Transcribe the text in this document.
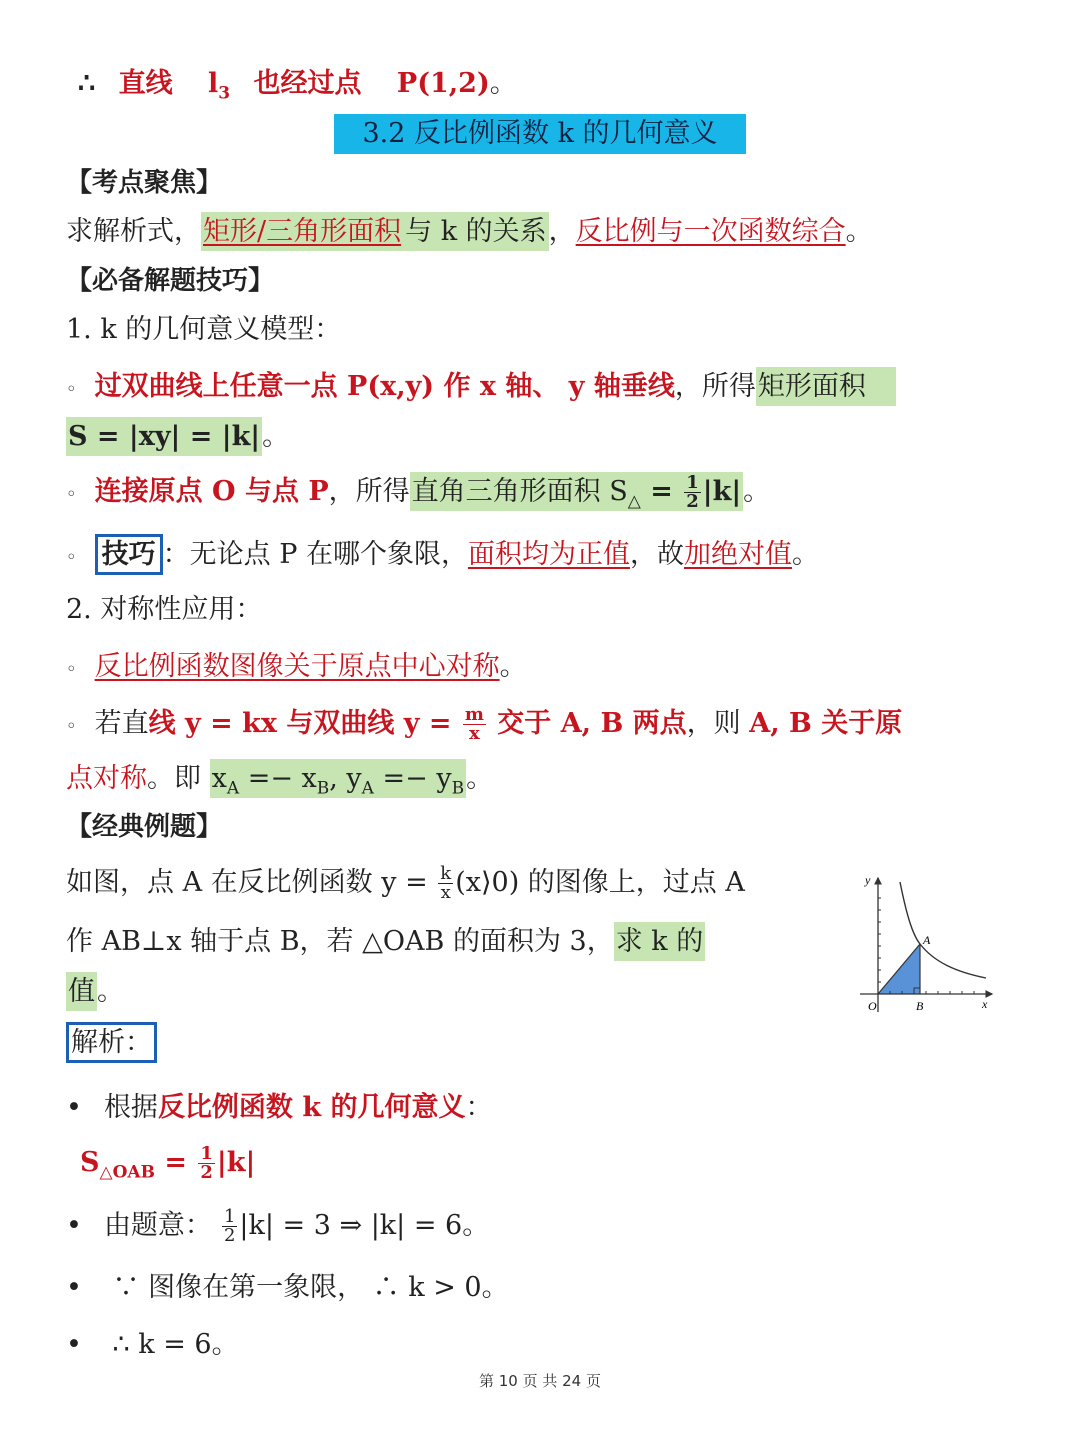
∴ 直线 $l_3$ 也经过点 P(1,2)。
3.2 反比例函数 k 的几何意义
【考点聚焦】
求解析式，矩形/三角形面积 与 k 的关系，反比例与一次函数综合。
【必备解题技巧】
1. k 的几何意义模型：
◦ 过双曲线上任意一点 P(x,y) 作 x 轴、 y 轴垂线，所得矩形面积
S = |xy| = |k|。
◦ 连接原点 O 与点 P，所得直角三角形面积 $S_\triangle = \frac{1}{2} |k|$。
◦ 技巧 ：无论点 P 在哪个象限，面积均为正值，故加绝对值。
2. 对称性应用：
◦ 反比例函数图像关于原点中心对称。
◦ 若直线 y = kx 与双曲线 $y = \frac{m}{x}$ 交于 A, B 两点，则 A, B 关于原
点对称。即 $x_A =- x_B$, $y_A =- y_B$。
【经典例题】
如图，点 A 在反比例函数 $y = \frac{k}{x}$ (x⟩0) 的图像上，过点 A
作 AB⊥x 轴于点 B，若 △OAB 的面积为 3，求 k 的
值。
y
x
O
A
B
解析：
• 根据反比例函数 k 的几何意义：
$S_{\triangle OAB} = \frac{1}{2} |k|$
• 由题意： $\frac{1}{2} |k| = 3$ ⇒ |k| = 6。
• ∵ 图像在第一象限， ∴ k > 0。
• ∴ k = 6。
第 10 页 共 24 页
